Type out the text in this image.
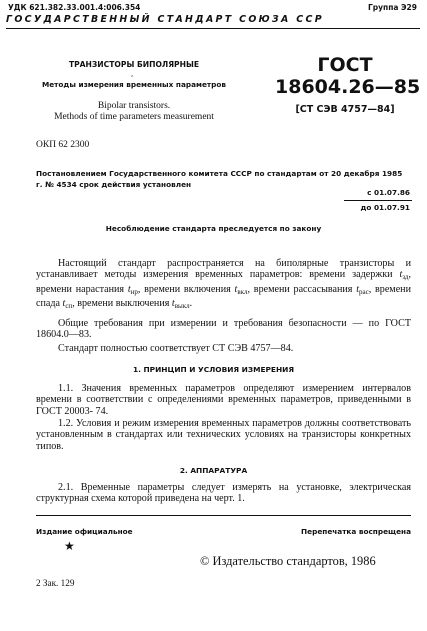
УДК 621.382.33.001.4:006.354	Группа Э29
ГОСУДАРСТВЕННЫЙ СТАНДАРТ СОЮЗА ССР
ТРАНЗИСТОРЫ БИПОЛЯРНЫЕ
,
Методы измерения временных параметров
Bipolar transistors.
Methods of time parameters measurement
ГОСТ
18604.26—85
[СТ СЭВ 4757—84]
ОКП 62 2300
Постановлением Государственного комитета СССР по стандартам от 20 декабря 1985 г. № 4534 срок действия установлен
с 01.07.86
до 01.07.91
Несоблюдение стандарта преследуется по закону

Настоящий стандарт распространяется на биполярные транзисторы и устанавливает методы измерения временных параметров: времени задержки $t_{зд}$, времени нарастания $t_{нр}$, времени включения $t_{вкл}$, времени рассасывания $t_{рас}$, времени спада $t_{сп}$, времени выключения $t_{выкл}$.

Общие требования при измерении и требования безопасности — по ГОСТ 18604.0—83.

Стандарт полностью соответствует СТ СЭВ 4757—84.

1. ПРИНЦИП И УСЛОВИЯ ИЗМЕРЕНИЯ

1.1. Значения временных параметров определяют измерением интервалов времени в соответствии с определениями временных параметров, приведенными в ГОСТ 20003- 74.

1.2. Условия и режим измерения временных параметров должны соответствовать установленным в стандартах или технических условиях на транзисторы конкретных типов.

2. АППАРАТУРА

2.1. Временные параметры следует измерять на установке, электрическая структурная схема которой приведена на черт. 1.

Издание официальное	Перепечатка воспрещена
★
© Издательство стандартов, 1986
2 Зак. 129
